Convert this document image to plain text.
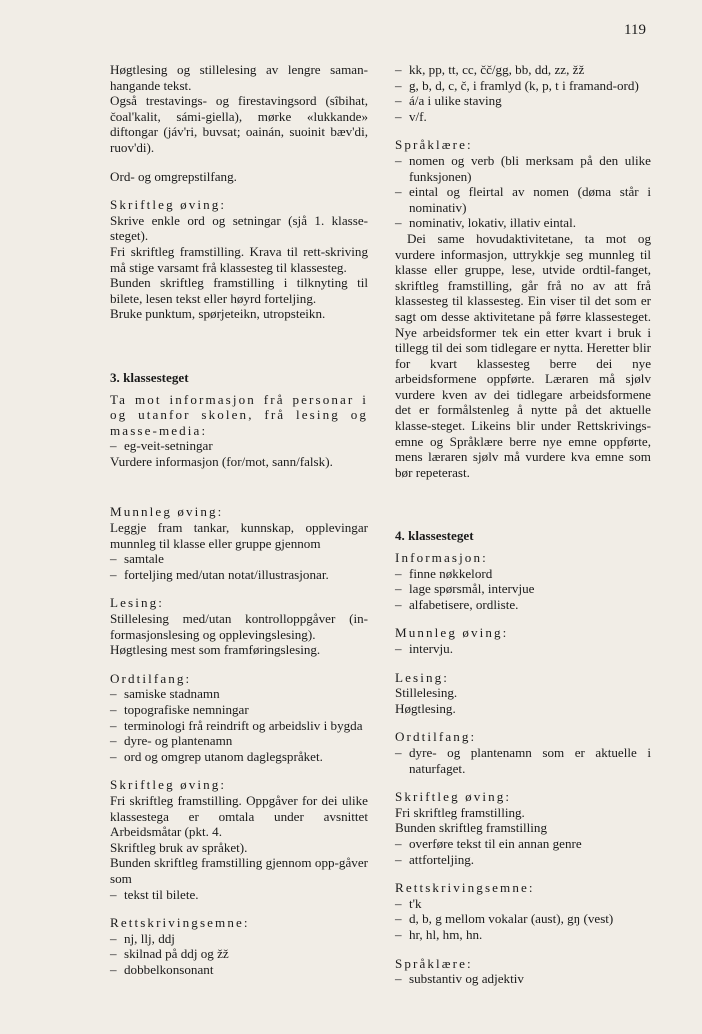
119

Høgtlesing og stillelesing av lengre saman-hangande tekst.

Også trestavings- og firestavingsord (sîbihat, čoal'kalit, sámi-giella), mørke «lukkande» diftongar (jáv'ri, buvsat; oainán, suoinit bæv'di, ruov'di).

Ord- og omgrepstilfang.

Skriftleg øving:

Skrive enkle ord og setningar (sjå 1. klasse-steget).

Fri skriftleg framstilling. Krava til rett-skriving må stige varsamt frå klassesteg til klassesteg.

Bunden skriftleg framstilling i tilknyting til bilete, lesen tekst eller høyrd forteljing.

Bruke punktum, spørjeteikn, utropsteikn.

3. klassesteget

Ta mot informasjon frå personar i og utanfor skolen, frå lesing og masse-media:

– eg-veit-setningar

Vurdere informasjon (for/mot, sann/falsk).

Munnleg øving:

Leggje fram tankar, kunnskap, opplevingar munnleg til klasse eller gruppe gjennom

– samtale
– forteljing med/utan notat/illustrasjonar.

Lesing:

Stillelesing med/utan kontrolloppgåver (in-formasjonslesing og opplevingslesing).

Høgtlesing mest som framføringslesing.

Ordtilfang:

– samiske stadnamn
– topografiske nemningar
– terminologi frå reindrift og arbeidsliv i bygda
– dyre- og plantenamn
– ord og omgrep utanom daglegspråket.

Skriftleg øving:

Fri skriftleg framstilling. Oppgåver for dei ulike klassestega er omtala under avsnittet Arbeidsmåtar (pkt. 4.

Skriftleg bruk av språket).

Bunden skriftleg framstilling gjennom opp-gåver som

– tekst til bilete.

Rettskrivingsemne:

– nj, llj, ddj
– skilnad på ddj og žž
– dobbelkonsonant
– kk, pp, tt, cc, čč/gg, bb, dd, zz, žž
– g, b, d, c, č, i framlyd (k, p, t i framand-ord)
– á/a i ulike staving
– v/f.

Språklære:

– nomen og verb (bli merksam på den ulike funksjonen)
– eintal og fleirtal av nomen (døma står i nominativ)
– nominativ, lokativ, illativ eintal.

Dei same hovudaktivitetane, ta mot og vurdere informasjon, uttrykkje seg munnleg til klasse eller gruppe, lese, utvide ordtil-fanget, skriftleg framstilling, går frå no av att frå klassesteg til klassesteg. Ein viser til det som er sagt om desse aktivitetane på førre klassesteget. Nye arbeidsformer tek ein etter kvart i bruk i tillegg til dei som tidlegare er nytta. Heretter blir for kvart klassesteg berre dei nye arbeidsformene oppførte. Læraren må sjølv vurdere kven av dei tidlegare arbeidsformene det er formålstenleg å nytte på det aktuelle klasse-steget. Likeins blir under Rettskrivings-emne og Språklære berre nye emne oppførte, mens læraren sjølv må vurdere kva emne som bør repeterast.

4. klassesteget

Informasjon:

– finne nøkkelord
– lage spørsmål, intervjue
– alfabetisere, ordliste.

Munnleg øving:

– intervju.

Lesing:

Stillelesing.

Høgtlesing.

Ordtilfang:

– dyre- og plantenamn som er aktuelle i naturfaget.

Skriftleg øving:

Fri skriftleg framstilling.

Bunden skriftleg framstilling

– overføre tekst til ein annan genre
– attforteljing.

Rettskrivingsemne:

– t'k
– d, b, g mellom vokalar (aust), gŋ (vest)
– hr, hl, hm, hn.

Språklære:

– substantiv og adjektiv
